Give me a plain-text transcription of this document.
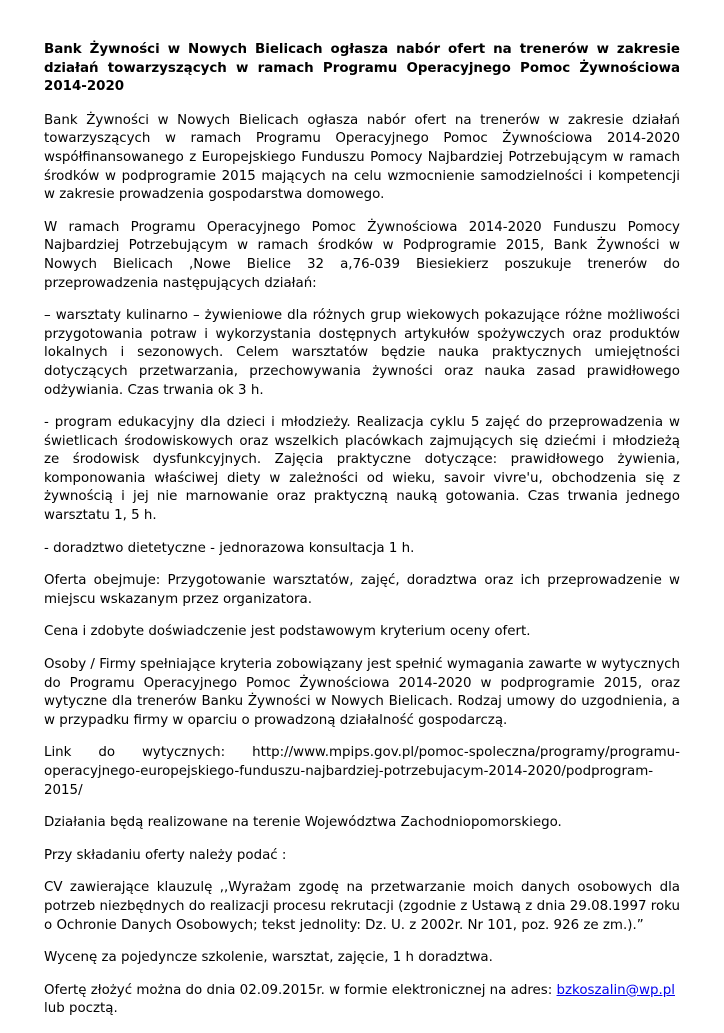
Bank Żywności w Nowych Bielicach ogłasza nabór ofert na trenerów w zakresie działań towarzyszących w ramach Programu Operacyjnego Pomoc Żywnościowa 2014-2020

Bank Żywności w Nowych Bielicach ogłasza nabór ofert na trenerów w zakresie działań towarzyszących w ramach Programu Operacyjnego Pomoc Żywnościowa 2014-2020 współfinansowanego z Europejskiego Funduszu Pomocy Najbardziej Potrzebującym w ramach środków w podprogramie 2015 mających na celu wzmocnienie samodzielności i kompetencji w zakresie prowadzenia gospodarstwa domowego.

W ramach Programu Operacyjnego Pomoc Żywnościowa 2014-2020 Funduszu Pomocy Najbardziej Potrzebującym w ramach środków w Podprogramie 2015, Bank Żywności w Nowych Bielicach ,Nowe Bielice 32 a,76-039 Biesiekierz poszukuje trenerów do przeprowadzenia następujących działań:

– warsztaty kulinarno – żywieniowe dla różnych grup wiekowych pokazujące różne możliwości przygotowania potraw i wykorzystania dostępnych artykułów spożywczych oraz produktów lokalnych i sezonowych. Celem warsztatów będzie nauka praktycznych umiejętności dotyczących przetwarzania, przechowywania żywności oraz nauka zasad prawidłowego odżywiania. Czas trwania ok 3 h.

- program edukacyjny dla dzieci i młodzieży. Realizacja cyklu 5 zajęć do przeprowadzenia w świetlicach środowiskowych oraz wszelkich placówkach zajmujących się dziećmi i młodzieżą ze środowisk dysfunkcyjnych. Zajęcia praktyczne dotyczące: prawidłowego żywienia, komponowania właściwej diety w zależności od wieku, savoir vivre'u, obchodzenia się z żywnością i jej nie marnowanie oraz praktyczną nauką gotowania. Czas trwania jednego warsztatu 1, 5 h.

- doradztwo dietetyczne - jednorazowa konsultacja 1 h.

Oferta obejmuje: Przygotowanie warsztatów, zajęć, doradztwa oraz ich przeprowadzenie w miejscu wskazanym przez organizatora.

Cena i zdobyte doświadczenie jest podstawowym kryterium oceny ofert.

Osoby / Firmy spełniające kryteria zobowiązany jest spełnić wymagania zawarte w wytycznych do Programu Operacyjnego Pomoc Żywnościowa 2014-2020 w podprogramie 2015, oraz wytyczne dla trenerów Banku Żywności w Nowych Bielicach. Rodzaj umowy do uzgodnienia, a w przypadku firmy w oparciu o prowadzoną działalność gospodarczą.

Link do wytycznych: http://www.mpips.gov.pl/pomoc-spoleczna/programy/programu-operacyjnego-europejskiego-funduszu-najbardziej-potrzebujacym-2014-2020/podprogram-2015/

Działania będą realizowane na terenie Województwa Zachodniopomorskiego.

Przy składaniu oferty należy podać :

CV zawierające klauzulę ,,Wyrażam zgodę na przetwarzanie moich danych osobowych dla potrzeb niezbędnych do realizacji procesu rekrutacji (zgodnie z Ustawą z dnia 29.08.1997 roku o Ochronie Danych Osobowych; tekst jednolity: Dz. U. z 2002r. Nr 101, poz. 926 ze zm.).”

Wycenę za pojedyncze szkolenie, warsztat, zajęcie, 1 h doradztwa.

Ofertę złożyć można do dnia 02.09.2015r. w formie elektronicznej na adres: bzkoszalin@wp.pl lub pocztą.
